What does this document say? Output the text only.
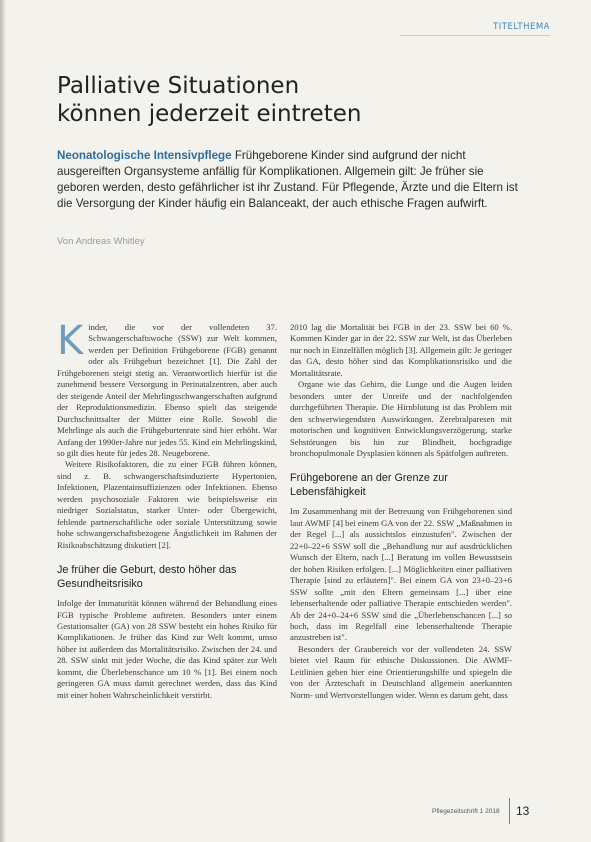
TITELTHEMA
Palliative Situationen
können jederzeit eintreten

Neonatologische Intensivpflege Frühgeborene Kinder sind aufgrund der nicht ausgereiften Organsysteme anfällig für Komplikationen. Allgemein gilt: Je früher sie geboren werden, desto gefährlicher ist ihr Zustand. Für Pflegende, Ärzte und die Eltern ist die Versorgung der Kinder häufig ein Balanceakt, der auch ethische Fragen aufwirft.

Von Andreas Whitley

Kinder, die vor der vollendeten 37. Schwangerschaftswoche (SSW) zur Welt kommen, werden per Definition Frühgeborene (FGB) genannt oder als Frühgeburt bezeichnet [1]. Die Zahl der Frühgeborenen steigt stetig an. Verantwortlich hierfür ist die zunehmend bessere Versorgung in Perinatalzentren, aber auch der steigende Anteil der Mehrlingsschwangerschaften aufgrund der Reproduktionsmedizin. Ebenso spielt das steigende Durchschnittsalter der Mütter eine Rolle. Sowohl die Mehrlinge als auch die Frühgeburtenrate sind hier erhöht. War Anfang der 1990er-Jahre nur jedes 55. Kind ein Mehrlingskind, so gilt dies heute für jedes 28. Neugeborene.

Weitere Risikofaktoren, die zu einer FGB führen können, sind z. B. schwangerschaftsinduzierte Hypertonien, Infektionen, Plazentainsuffizienzen oder Infektionen. Ebenso werden psychosoziale Faktoren wie beispielsweise ein niedriger Sozialstatus, starker Unter- oder Übergewicht, fehlende partnerschaftliche oder soziale Unterstützung sowie hohe schwangerschaftsbezogene Ängstlichkeit im Rahmen der Risikoabschätzung diskutiert [2].

Je früher die Geburt, desto höher das Gesundheitsrisiko

Infolge der Immaturität können während der Behandlung eines FGB typische Probleme auftreten. Besonders unter einem Gestationsalter (GA) von 28 SSW besteht ein hohes Risiko für Komplikationen. Je früher das Kind zur Welt kommt, umso höher ist außerdem das Mortalitätsrisiko. Zwischen der 24. und 28. SSW sinkt mit jeder Woche, die das Kind später zur Welt kommt, die Überlebenschance um 10 % [1]. Bei einem noch geringeren GA muss damit gerechnet werden, dass das Kind mit einer hohen Wahrscheinlichkeit verstirbt.

2010 lag die Mortalität bei FGB in der 23. SSW bei 60 %. Kommen Kinder gar in der 22. SSW zur Welt, ist das Überleben nur noch in Einzelfällen möglich [3]. Allgemein gilt: Je geringer das GA, desto höher sind das Komplikationsrisiko und die Mortalitätsrate.

Organe wie das Gehirn, die Lunge und die Augen leiden besonders unter der Unreife und der nachfolgenden durchgeführten Therapie. Die Hirnblutung ist das Problem mit den schwerwiegendsten Auswirkungen. Zerebralparesen mit motorischen und kognitiven Entwicklungsverzögerung, starke Sehstörungen bis hin zur Blindheit, hochgradige bronchopulmonale Dysplasien können als Spätfolgen auftreten.

Frühgeborene an der Grenze zur Lebensfähigkeit

Im Zusammenhang mit der Betreuung von Frühgeborenen sind laut AWMF [4] bei einem GA von der 22. SSW „Maßnahmen in der Regel [...] als aussichtslos einzustufen". Zwischen der 22+0–22+6 SSW soll die „Behandlung nur auf ausdrücklichen Wunsch der Eltern, nach [...] Beratung im vollen Bewusstsein der hohen Risiken erfolgen. [...] Möglichkeiten einer palliativen Therapie [sind zu erläutern]". Bei einem GA von 23+0–23+6 SSW sollte „mit den Eltern gemeinsam [...] über eine lebenserhaltende oder palliative Therapie entschieden werden". Ab der 24+0–24+6 SSW sind die „Überlebenschancen [...] so hoch, dass im Regelfall eine lebenserhaltende Therapie anzustreben ist".

Besonders der Graubereich vor der vollendeten 24. SSW bietet viel Raum für ethische Diskussionen. Die AWMF-Leitlinien geben hier eine Orientierungshilfe und spiegeln die von der Ärzteschaft in Deutschland allgemein anerkannten Norm- und Wertvorstellungen wider. Wenn es darum geht, dass

Pflegezeitschrift 1 2018 13
